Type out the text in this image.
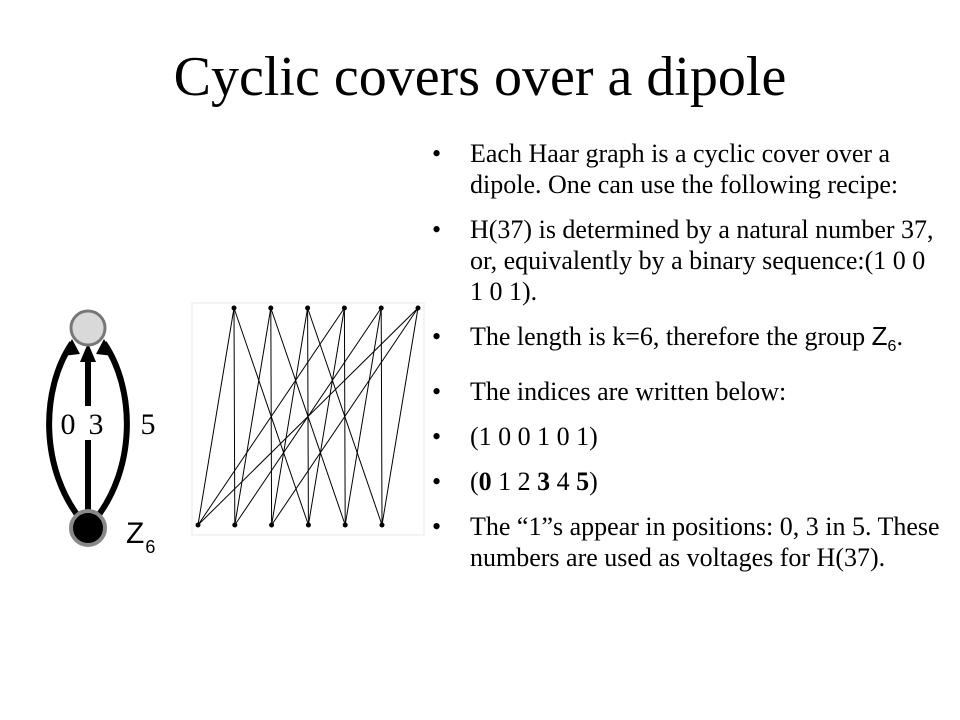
Cyclic covers over a dipole
0 3 5
$Z_6$
• Each Haar graph is a cyclic cover over a dipole. One can use the following recipe:
• H(37) is determined by a natural number 37, or, equivalently by a binary sequence:(1 0 0 1 0 1).
• The length is k=6, therefore the group $Z_6$.
• The indices are written below:
• (1 0 0 1 0 1)
• (0 1 2 3 4 5)
• The “1”s appear in positions: 0, 3 in 5. These numbers are used as voltages for H(37).
